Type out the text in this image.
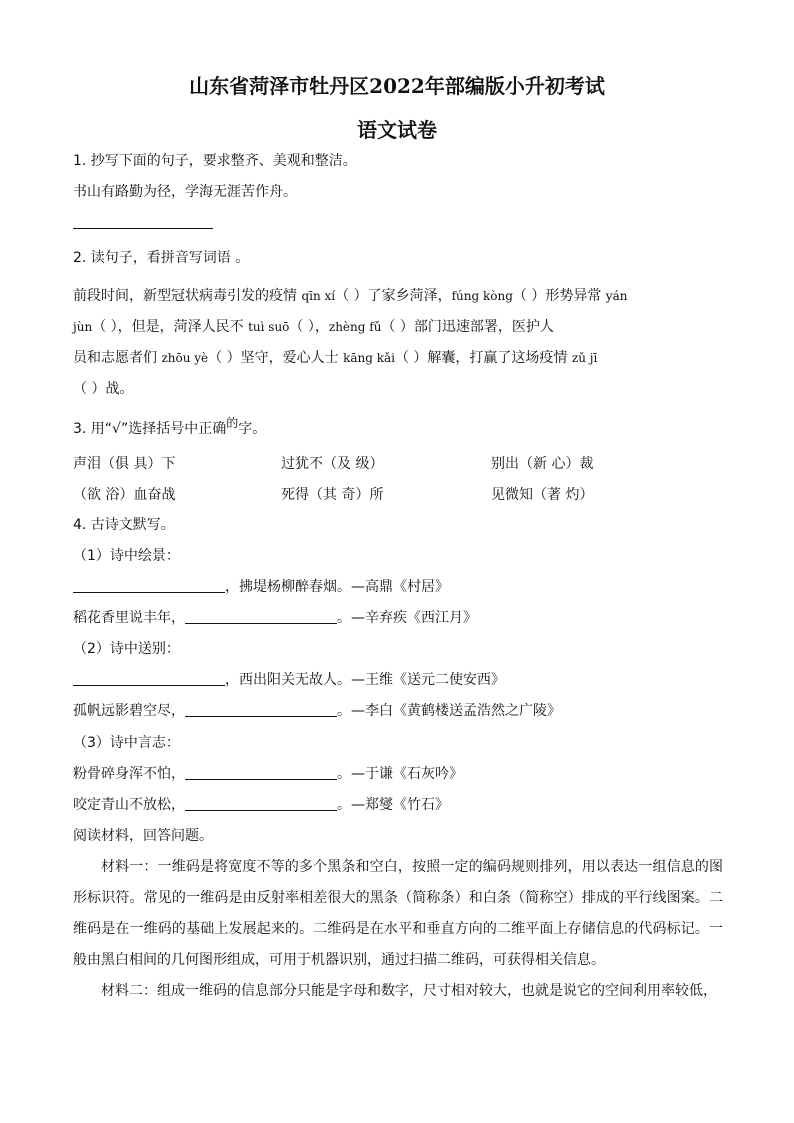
山东省菏泽市牡丹区2022年部编版小升初考试
语文试卷
1. 抄写下面的句子，要求整齐、美观和整洁。
书山有路勤为径，学海无涯苦作舟。
2. 读句子，看拼音写词语 。
前段时间，新型冠状病毒引发的疫情 qīn xí（ ）了家乡菏泽，fúng kòng（ ）形势异常 yán
jùn（ ），但是，菏泽人民不 tuì suō（ ），zhèng fǔ（ ）部门迅速部署，医护人
员和志愿者们 zhōu yè（ ）坚守，爱心人士 kāng kǎi（ ）解囊，打赢了这场疫情 zǔ jī
（ ）战。
3. 用“√”选择括号中正确的字。
声泪（俱 具）下	过犹不（及 级）	别出（新 心）裁
（欲 浴）血奋战	死得（其 奇）所	见微知（著 灼）
4. 古诗文默写。
（1）诗中绘景：
，拂堤杨柳醉春烟。—高鼎《村居》
稻花香里说丰年，	。—辛弃疾《西江月》
（2）诗中送别：
，西出阳关无故人。—王维《送元二使安西》
孤帆远影碧空尽，	。—李白《黄鹤楼送孟浩然之广陵》
（3）诗中言志：
粉骨碎身浑不怕，	。—于谦《石灰吟》
咬定青山不放松，	。—郑燮《竹石》
阅读材料，回答问题。
材料一：一维码是将宽度不等的多个黑条和空白，按照一定的编码规则排列，用以表达一组信息的图形标识符。常见的一维码是由反射率相差很大的黑条（简称条）和白条（简称空）排成的平行线图案。二维码是在一维码的基础上发展起来的。二维码是在水平和垂直方向的二维平面上存储信息的代码标记。一般由黑白相间的几何图形组成，可用于机器识别，通过扫描二维码，可获得相关信息。
材料二：组成一维码的信息部分只能是字母和数字，尺寸相对较大，也就是说它的空间利用率较低，
